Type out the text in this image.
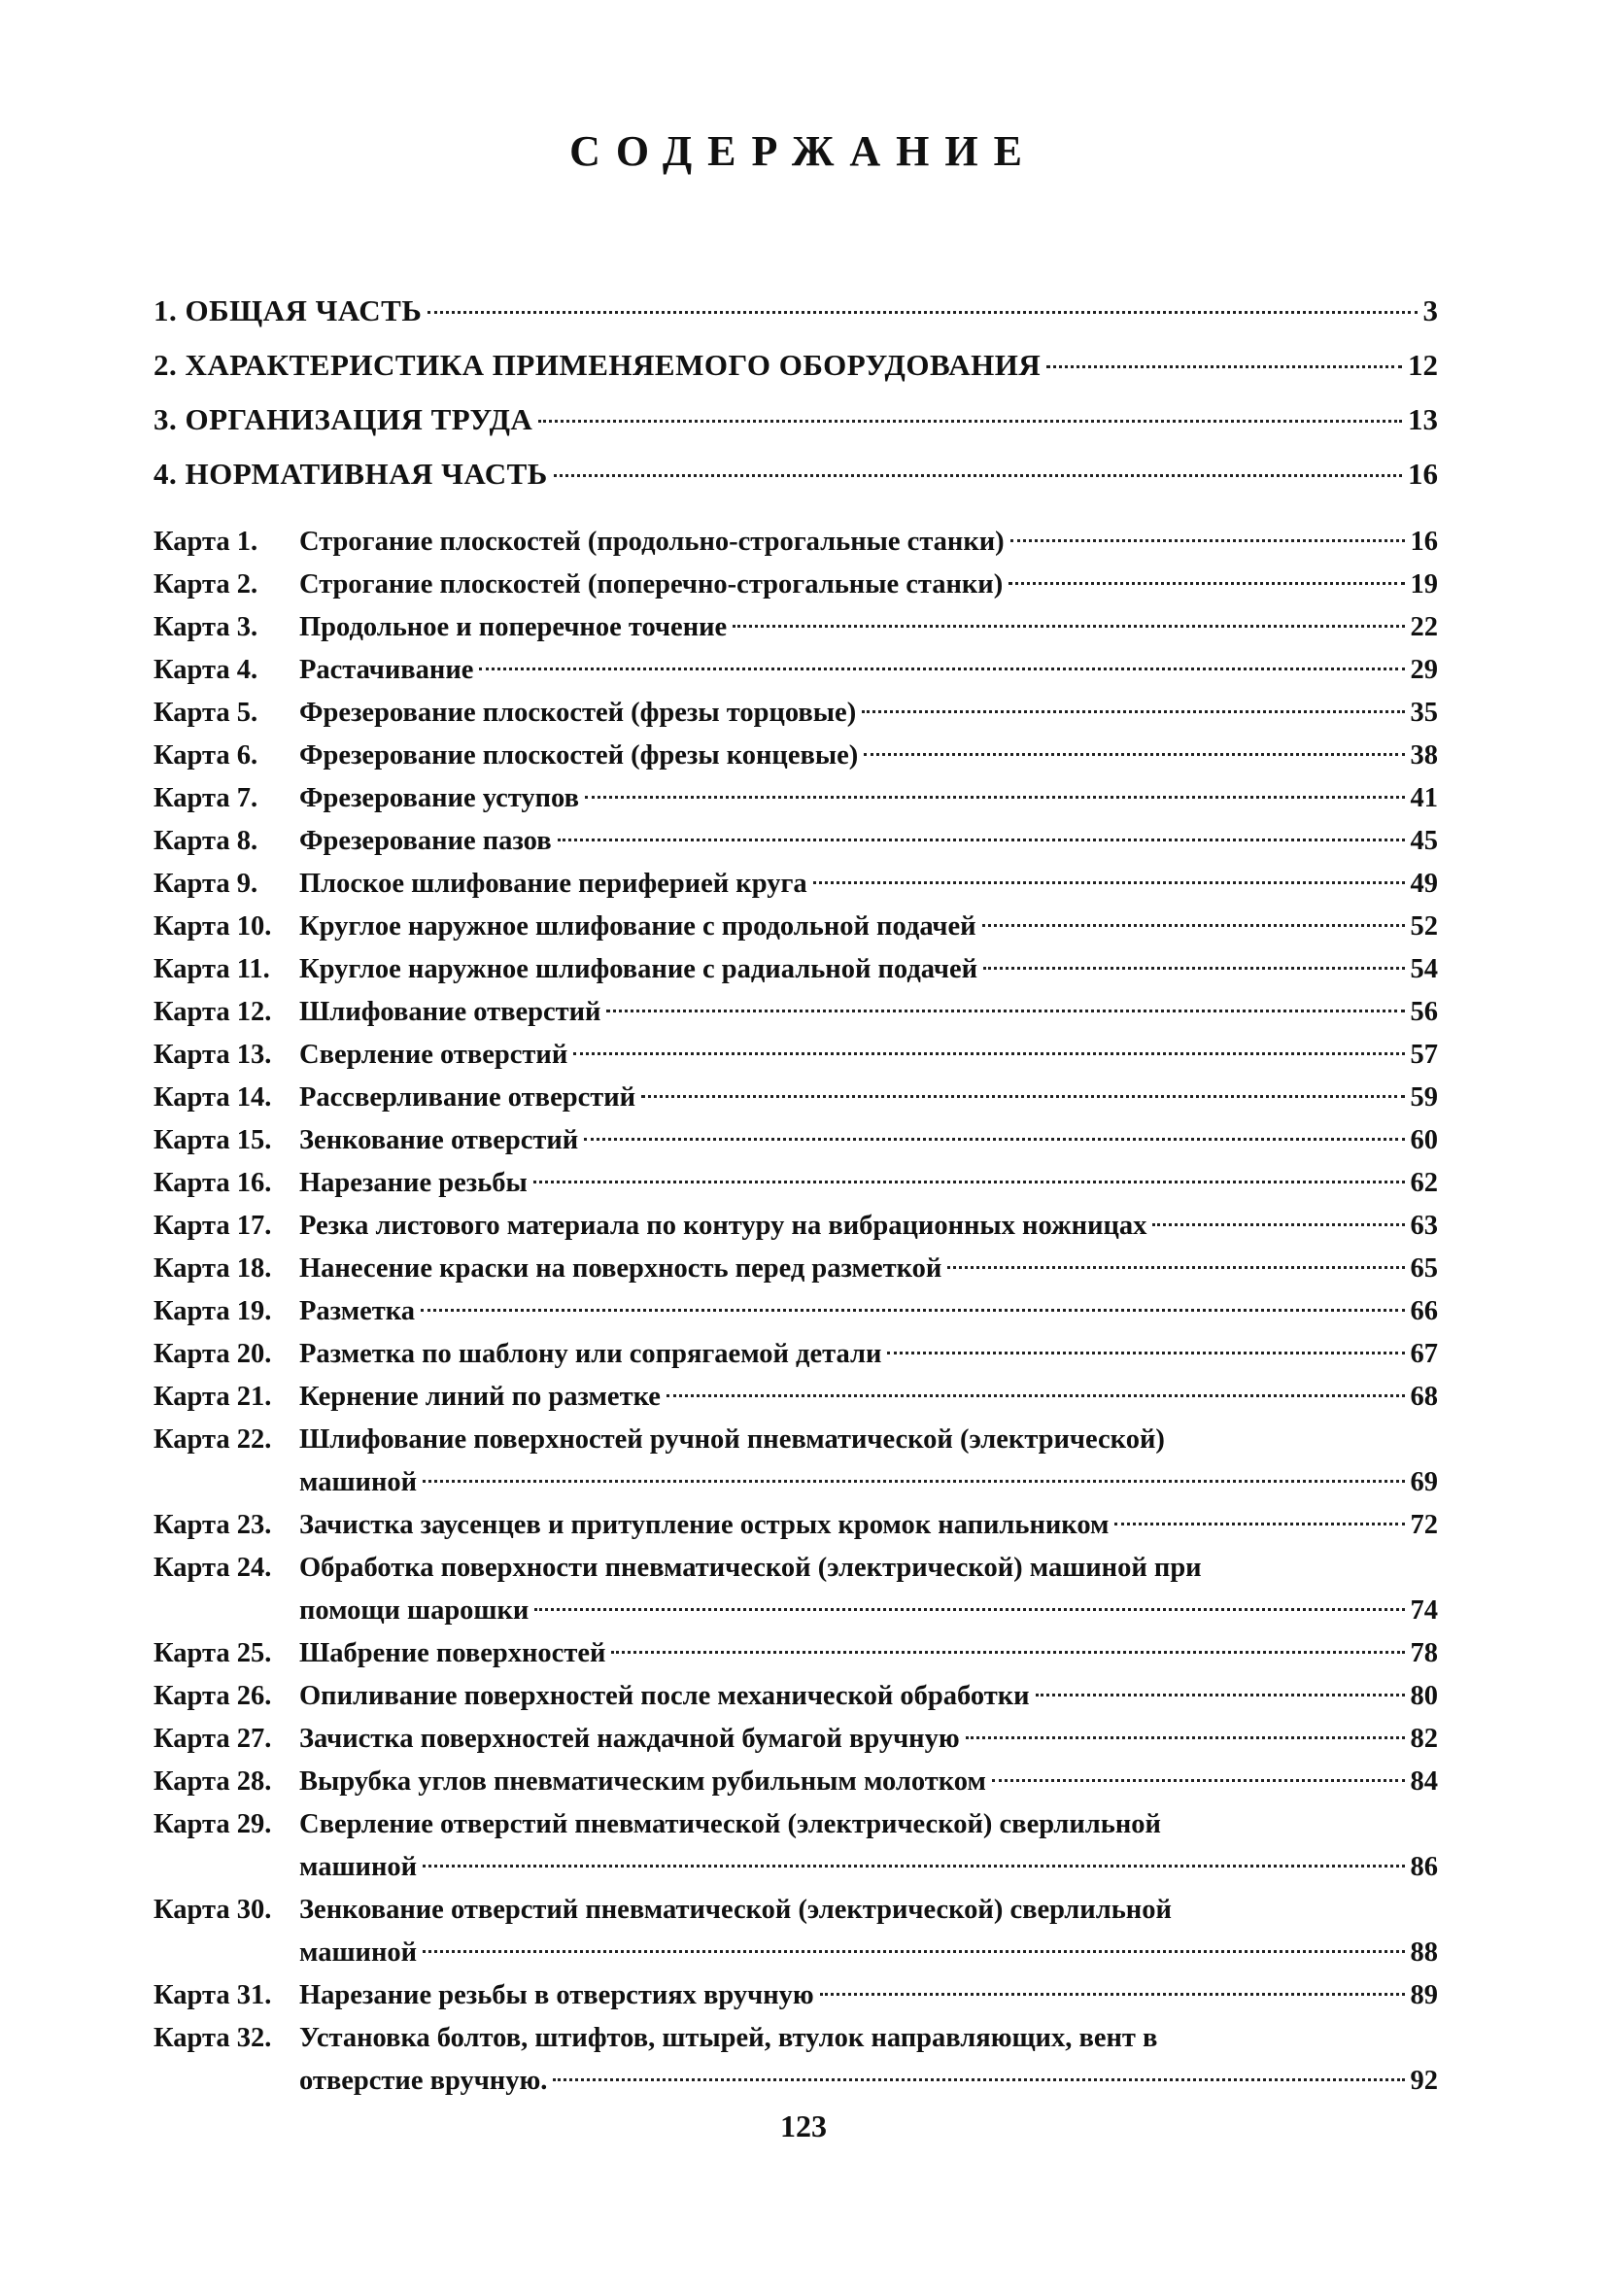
СОДЕРЖАНИЕ
1. ОБЩАЯ ЧАСТЬ	3
2. ХАРАКТЕРИСТИКА ПРИМЕНЯЕМОГО ОБОРУДОВАНИЯ	12
3. ОРГАНИЗАЦИЯ ТРУДА	13
4. НОРМАТИВНАЯ ЧАСТЬ	16
Карта 1.	Строгание плоскостей (продольно-строгальные станки)	16
Карта 2.	Строгание плоскостей (поперечно-строгальные станки)	19
Карта 3.	Продольное и поперечное точение	22
Карта 4.	Растачивание	29
Карта 5.	Фрезерование плоскостей (фрезы торцовые)	35
Карта 6.	Фрезерование плоскостей (фрезы концевые)	38
Карта 7.	Фрезерование уступов	41
Карта 8.	Фрезерование пазов	45
Карта 9.	Плоское шлифование периферией круга	49
Карта 10.	Круглое наружное шлифование с продольной подачей	52
Карта 11.	Круглое наружное шлифование с радиальной подачей	54
Карта 12.	Шлифование отверстий	56
Карта 13.	Сверление отверстий	57
Карта 14.	Рассверливание отверстий	59
Карта 15.	Зенкование отверстий	60
Карта 16.	Нарезание резьбы	62
Карта 17.	Резка листового материала по контуру на вибрационных ножницах	63
Карта 18.	Нанесение краски на поверхность перед разметкой	65
Карта 19.	Разметка	66
Карта 20.	Разметка по шаблону или сопрягаемой детали	67
Карта 21.	Кернение линий по разметке	68
Карта 22.	Шлифование поверхностей ручной пневматической (электрической)
машиной	69
Карта 23.	Зачистка заусенцев и притупление острых кромок напильником	72
Карта 24.	Обработка поверхности пневматической (электрической) машиной при
помощи шарошки	74
Карта 25.	Шабрение поверхностей	78
Карта 26.	Опиливание поверхностей после механической обработки	80
Карта 27.	Зачистка поверхностей наждачной бумагой вручную	82
Карта 28.	Вырубка углов пневматическим рубильным молотком	84
Карта 29.	Сверление отверстий пневматической (электрической) сверлильной
машиной	86
Карта 30.	Зенкование отверстий пневматической (электрической) сверлильной
машиной	88
Карта 31.	Нарезание резьбы в отверстиях вручную	89
Карта 32.	Установка болтов, штифтов, штырей, втулок направляющих, вент в
отверстие вручную.	92
123
